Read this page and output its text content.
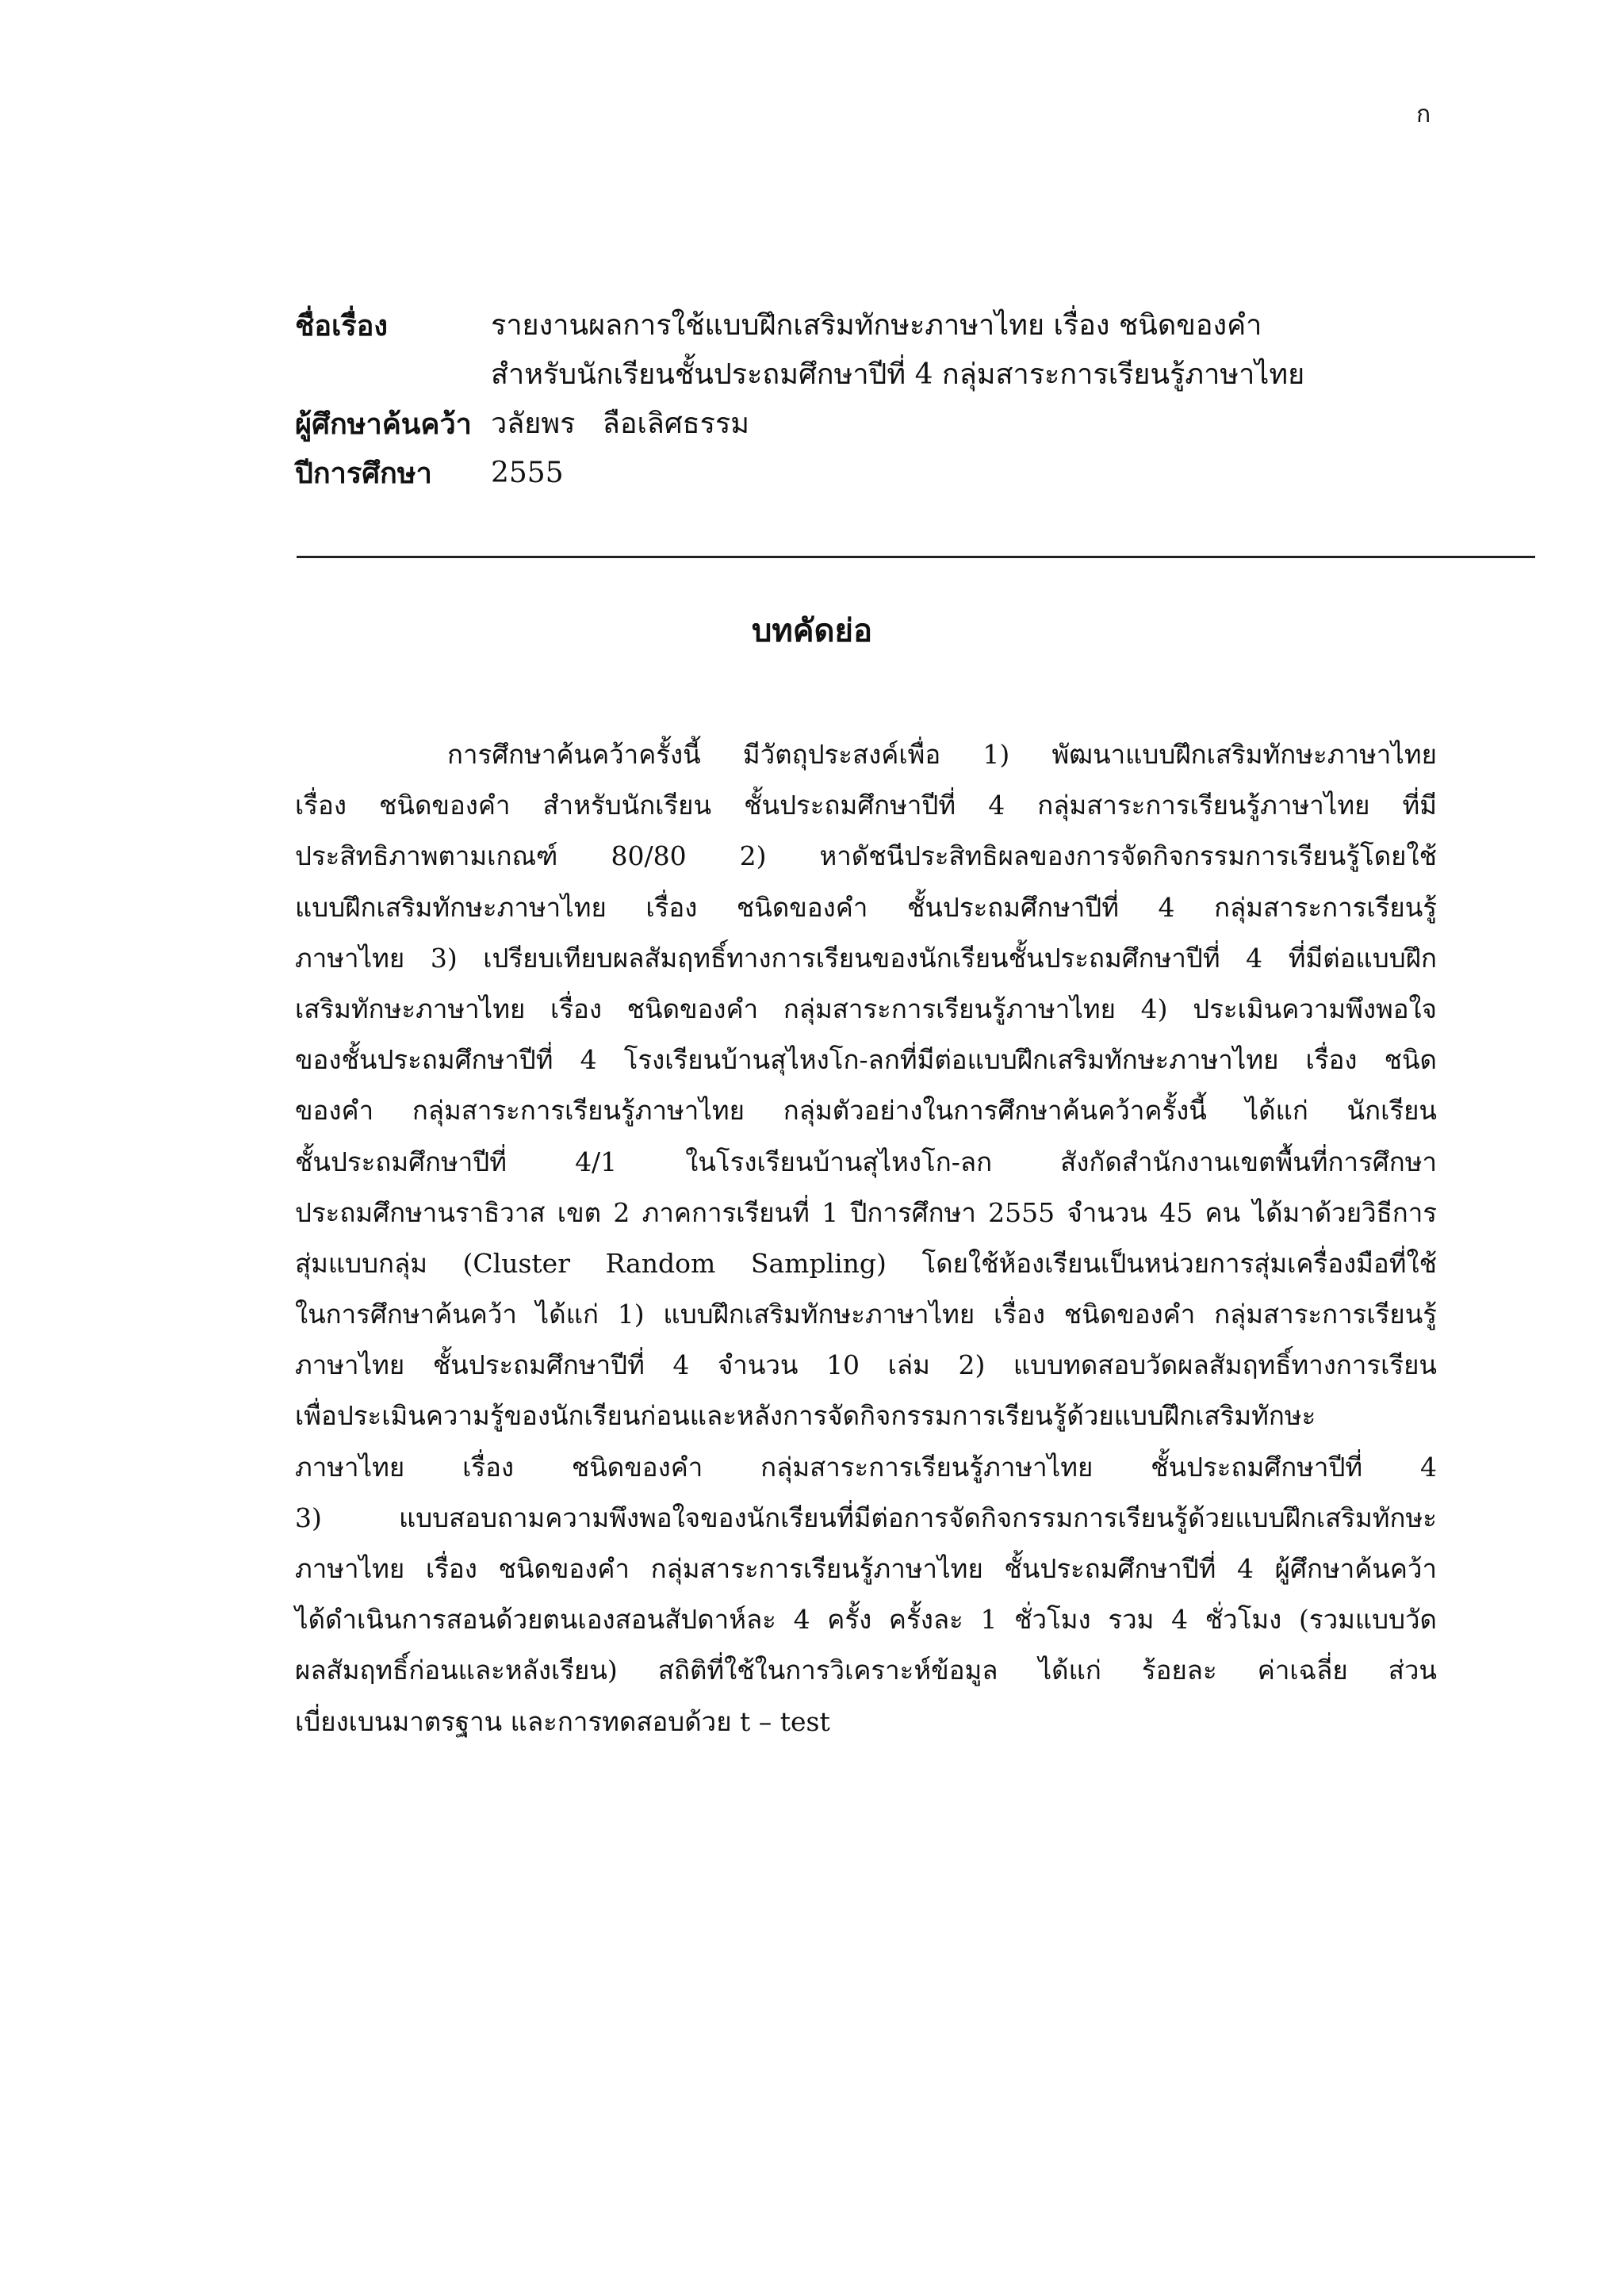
ก
ชื่อเรื่อง	รายงานผลการใช้แบบฝึกเสริมทักษะภาษาไทย เรื่อง ชนิดของคำ
สำหรับนักเรียนชั้นประถมศึกษาปีที่ 4 กลุ่มสาระการเรียนรู้ภาษาไทย
ผู้ศึกษาค้นคว้า วลัยพร   ลือเลิศธรรม
ปีการศึกษา	2555
บทคัดย่อ
การศึกษาค้นคว้าครั้งนี้ มีวัตถุประสงค์เพื่อ 1) พัฒนาแบบฝึกเสริมทักษะภาษาไทย
เรื่อง ชนิดของคำ สำหรับนักเรียน ชั้นประถมศึกษาปีที่ 4 กลุ่มสาระการเรียนรู้ภาษาไทย ที่มี
ประสิทธิภาพตามเกณฑ์ 80/80 2) หาดัชนีประสิทธิผลของการจัดกิจกรรมการเรียนรู้โดยใช้
แบบฝึกเสริมทักษะภาษาไทย เรื่อง ชนิดของคำ ชั้นประถมศึกษาปีที่ 4 กลุ่มสาระการเรียนรู้
ภาษาไทย 3) เปรียบเทียบผลสัมฤทธิ์ทางการเรียนของนักเรียนชั้นประถมศึกษาปีที่ 4 ที่มีต่อแบบฝึก
เสริมทักษะภาษาไทย เรื่อง ชนิดของคำ กลุ่มสาระการเรียนรู้ภาษาไทย 4) ประเมินความพึงพอใจ
ของชั้นประถมศึกษาปีที่ 4 โรงเรียนบ้านสุไหงโก-ลกที่มีต่อแบบฝึกเสริมทักษะภาษาไทย เรื่อง ชนิด
ของคำ กลุ่มสาระการเรียนรู้ภาษาไทย กลุ่มตัวอย่างในการศึกษาค้นคว้าครั้งนี้ ได้แก่ นักเรียน
ชั้นประถมศึกษาปีที่ 4/1 ในโรงเรียนบ้านสุไหงโก-ลก สังกัดสำนักงานเขตพื้นที่การศึกษา
ประถมศึกษานราธิวาส เขต 2 ภาคการเรียนที่ 1 ปีการศึกษา 2555 จำนวน 45 คน ได้มาด้วยวิธีการ
สุ่มแบบกลุ่ม (Cluster Random Sampling) โดยใช้ห้องเรียนเป็นหน่วยการสุ่มเครื่องมือที่ใช้
ในการศึกษาค้นคว้า ได้แก่ 1) แบบฝึกเสริมทักษะภาษาไทย เรื่อง ชนิดของคำ กลุ่มสาระการเรียนรู้
ภาษาไทย ชั้นประถมศึกษาปีที่ 4 จำนวน 10 เล่ม 2) แบบทดสอบวัดผลสัมฤทธิ์ทางการเรียน
เพื่อประเมินความรู้ของนักเรียนก่อนและหลังการจัดกิจกรรมการเรียนรู้ด้วยแบบฝึกเสริมทักษะ
ภาษาไทย เรื่อง ชนิดของคำ กลุ่มสาระการเรียนรู้ภาษาไทย ชั้นประถมศึกษาปีที่ 4
3) แบบสอบถามความพึงพอใจของนักเรียนที่มีต่อการจัดกิจกรรมการเรียนรู้ด้วยแบบฝึกเสริมทักษะ
ภาษาไทย เรื่อง ชนิดของคำ กลุ่มสาระการเรียนรู้ภาษาไทย ชั้นประถมศึกษาปีที่ 4 ผู้ศึกษาค้นคว้า
ได้ดำเนินการสอนด้วยตนเองสอนสัปดาห์ละ 4 ครั้ง ครั้งละ 1 ชั่วโมง รวม 4 ชั่วโมง (รวมแบบวัด
ผลสัมฤทธิ์ก่อนและหลังเรียน) สถิติที่ใช้ในการวิเคราะห์ข้อมูล ได้แก่ ร้อยละ ค่าเฉลี่ย ส่วน
เบี่ยงเบนมาตรฐาน และการทดสอบด้วย t – test
